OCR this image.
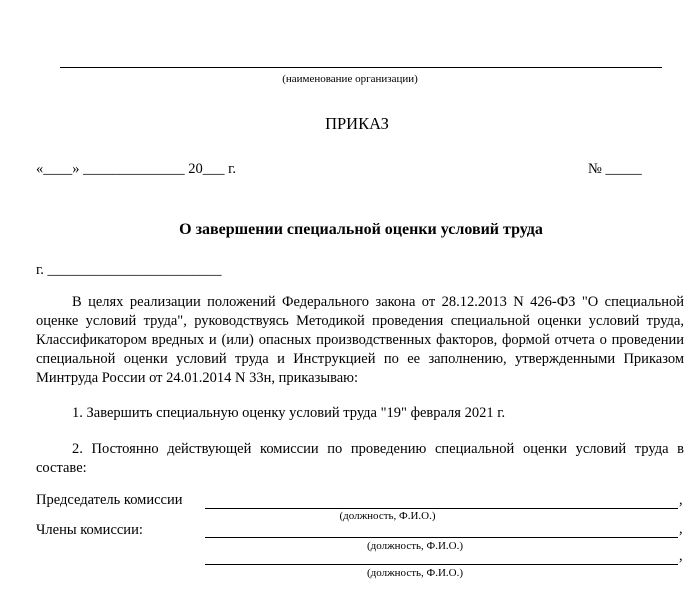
(наименование организации)
ПРИКАЗ
«____» ______________ 20___ г.	№ _____
О завершении специальной оценки условий труда
г. ________________________
В целях реализации положений Федерального закона от 28.12.2013 N 426-ФЗ "О специальной оценке условий труда", руководствуясь Методикой проведения специальной оценки условий труда, Классификатором вредных и (или) опасных производственных факторов, формой отчета о проведении специальной оценки условий труда и Инструкцией по ее заполнению, утвержденными Приказом Минтруда России от 24.01.2014 N 33н, приказываю:
1. Завершить специальную оценку условий труда "19" февраля 2021 г.
2. Постоянно действующей комиссии по проведению специальной оценки условий труда в составе:
Председатель комиссии	,
(должность, Ф.И.О.)
Члены комиссии:	,
(должность, Ф.И.О.)
,
(должность, Ф.И.О.)
